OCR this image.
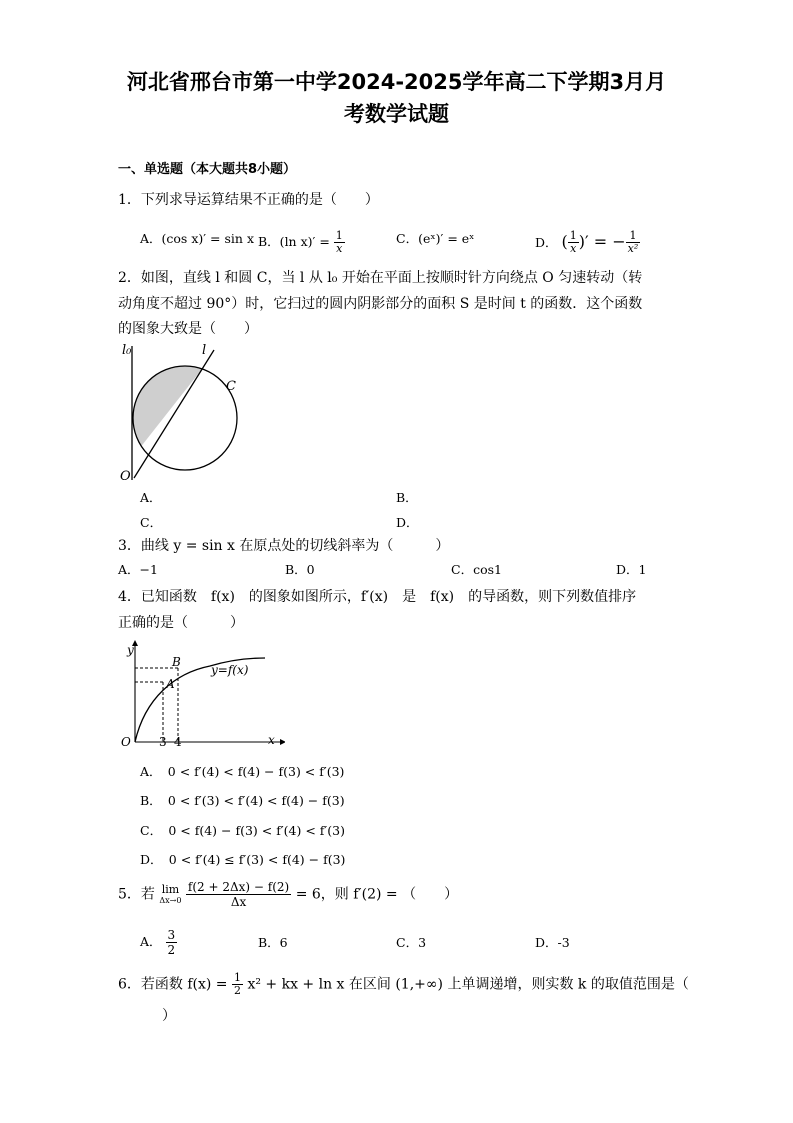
河北省邢台市第一中学2024-2025学年高二下学期3月月
考数学试题
一、单选题（本大题共8小题）
1．下列求导运算结果不正确的是（　　）
A．(cos x)′ = sin x B．(ln $x)' = \frac{1}{x}$	C．(eˣ)′ = eˣ	D． ( $\frac{1}{x}$ )′ = − $\frac{1}{\text{x²}}$
2．如图，直线 l 和圆 C，当 l 从 l₀ 开始在平面上按顺时针方向绕点 O 匀速转动（转
动角度不超过 90°）时，它扫过的圆内阴影部分的面积 S 是时间 t 的函数．这个函数
的图象大致是（　　）
l₀	l
C
O
A．	B．
C．	D．
3．曲线 y = sin x 在原点处的切线斜率为（　　　）
A．−1	B．0	C．cos1	D．1
4．已知函数　f(x)　的图象如图所示，f′(x)　是　f(x)　的导函数，则下列数值排序
正确的是（　　　）
y
x
O
B
A
3 4
y=f(x)
A．　0 < f′(4) < f(4) − f(3) < f′(3)
B．　0 < f′(3) < f′(4) < f(4) − f(3)
C．　0 < f(4) − f(3) < f′(4) < f′(3)
D．　0 < f′(4) ≤ f′(3) < f(4) − f(3)
5．若 lim
Δx→0
$\frac{f(2 + 2\Delta x) - f(2)}{\Delta x} = 6$，则 f′(2) = （　　）
A． $\frac{3}{2}$	B．6	C．3	D．-3
6．若函数 $f(x) = \frac{1}{2} x^2$ + kx + ln x 在区间 (1,+∞) 上单调递增，则实数 k 的取值范围是（
）
